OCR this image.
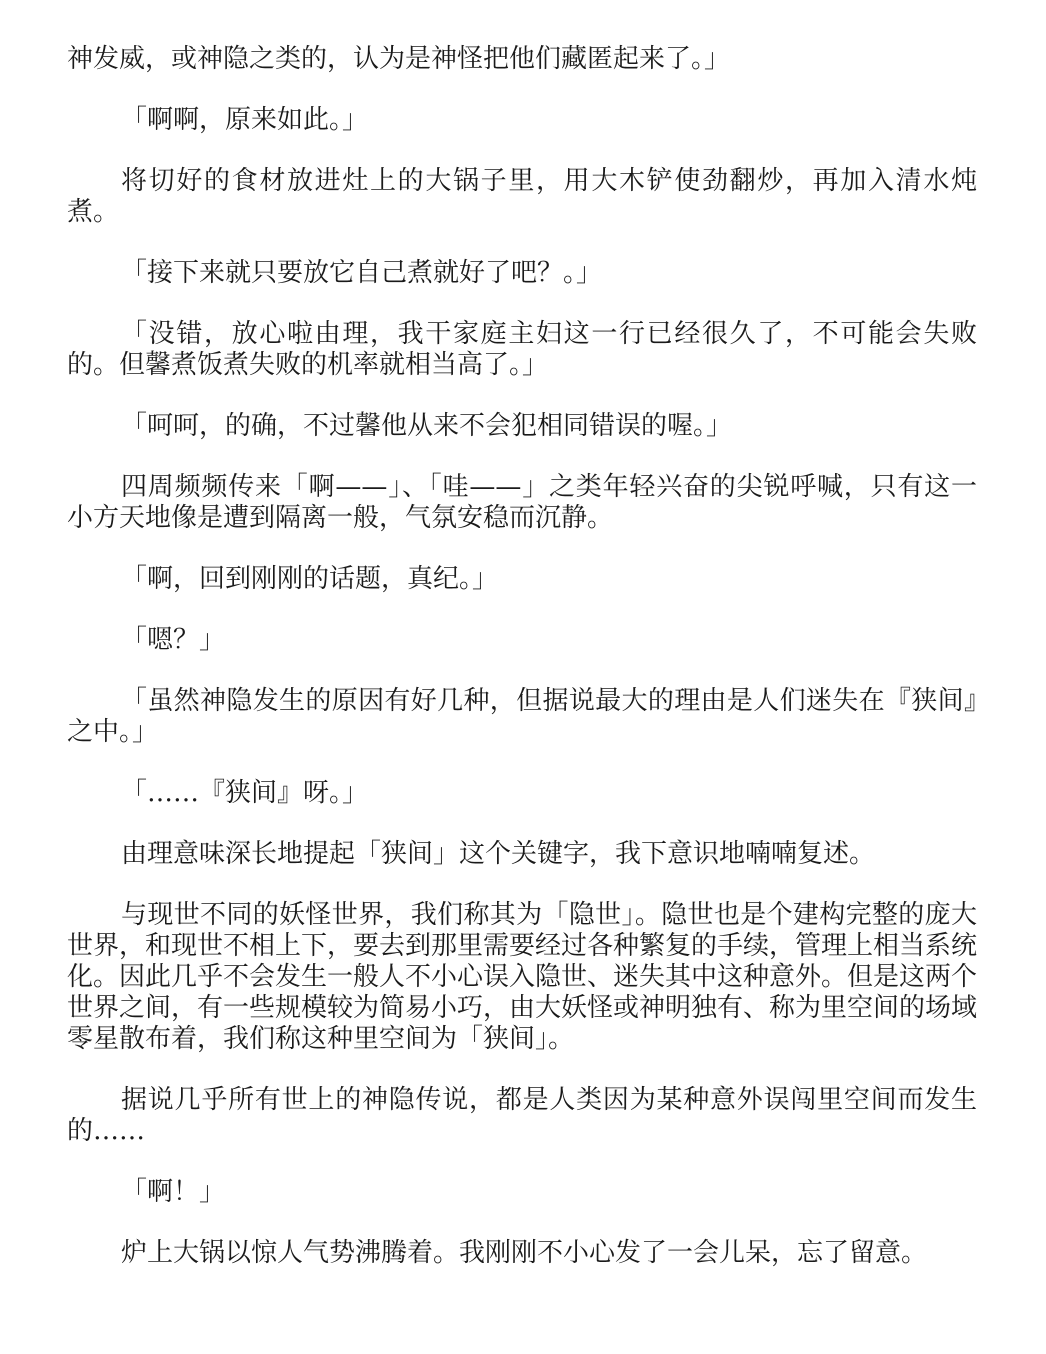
神发威，或神隐之类的，认为是神怪把他们藏匿起来了。」

「啊啊，原来如此。」

将切好的食材放进灶上的大锅子里，用大木铲使劲翻炒，再加入清水炖煮。

「接下来就只要放它自己煮就好了吧？。」

「没错，放心啦由理，我干家庭主妇这一行已经很久了，不可能会失败的。但馨煮饭煮失败的机率就相当高了。」

「呵呵，的确，不过馨他从来不会犯相同错误的喔。」

四周频频传来「啊——」、「哇——」之类年轻兴奋的尖锐呼喊，只有这一小方天地像是遭到隔离一般，气氛安稳而沉静。

「啊，回到刚刚的话题，真纪。」

「嗯？」

「虽然神隐发生的原因有好几种，但据说最大的理由是人们迷失在『狭间』之中。」

「……『狭间』呀。」

由理意味深长地提起「狭间」这个关键字，我下意识地喃喃复述。

与现世不同的妖怪世界，我们称其为「隐世」。隐世也是个建构完整的庞大世界，和现世不相上下，要去到那里需要经过各种繁复的手续，管理上相当系统化。因此几乎不会发生一般人不小心误入隐世、迷失其中这种意外。但是这两个世界之间，有一些规模较为简易小巧，由大妖怪或神明独有、称为里空间的场域零星散布着，我们称这种里空间为「狭间」。

据说几乎所有世上的神隐传说，都是人类因为某种意外误闯里空间而发生的……

「啊！」

炉上大锅以惊人气势沸腾着。我刚刚不小心发了一会儿呆，忘了留意。
